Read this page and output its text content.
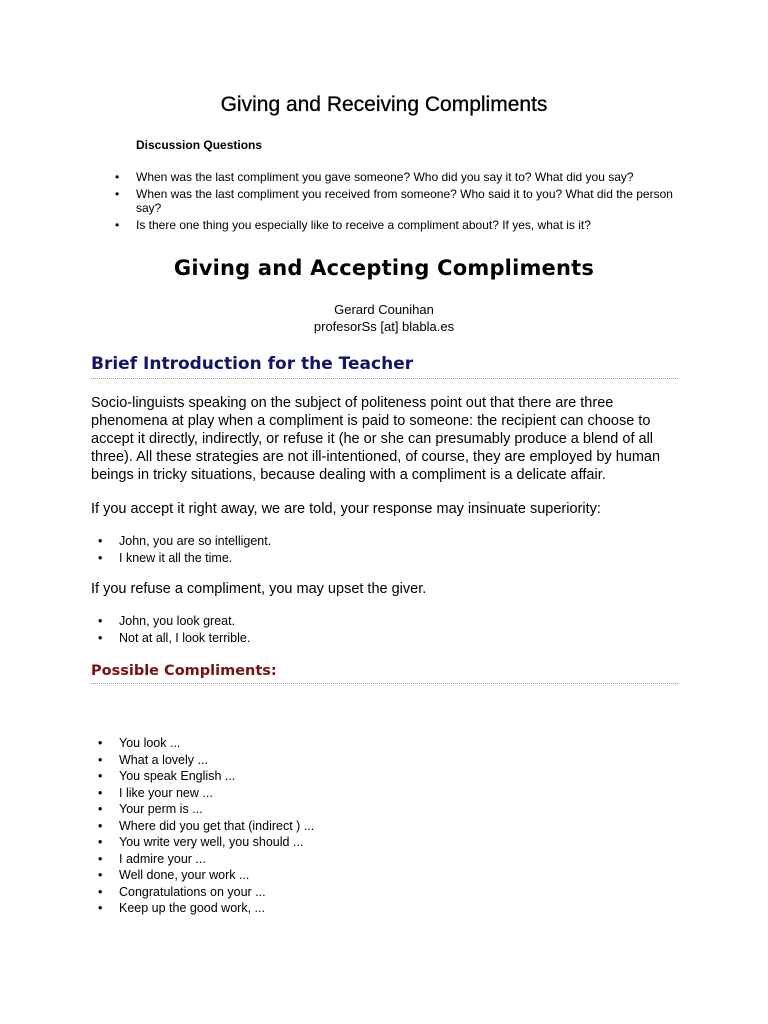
Giving and Receiving Compliments
Discussion Questions
• When was the last compliment you gave someone? Who did you say it to? What did you say?
• When was the last compliment you received from someone? Who said it to you? What did the person say?
• Is there one thing you especially like to receive a compliment about? If yes, what is it?
Giving and Accepting Compliments
Gerard Counihan
profesorSs [at] blabla.es
Brief Introduction for the Teacher

Socio-linguists speaking on the subject of politeness point out that there are three phenomena at play when a compliment is paid to someone: the recipient can choose to accept it directly, indirectly, or refuse it (he or she can presumably produce a blend of all three). All these strategies are not ill-intentioned, of course, they are employed by human beings in tricky situations, because dealing with a compliment is a delicate affair.

If you accept it right away, we are told, your response may insinuate superiority:

• John, you are so intelligent.
• I knew it all the time.

If you refuse a compliment, you may upset the giver.

• John, you look great.
• Not at all, I look terrible.
Possible Compliments:
• You look ...
• What a lovely ...
• You speak English ...
• I like your new ...
• Your perm is ...
• Where did you get that (indirect ) ...
• You write very well, you should ...
• I admire your ...
• Well done, your work ...
• Congratulations on your ...
• Keep up the good work, ...
